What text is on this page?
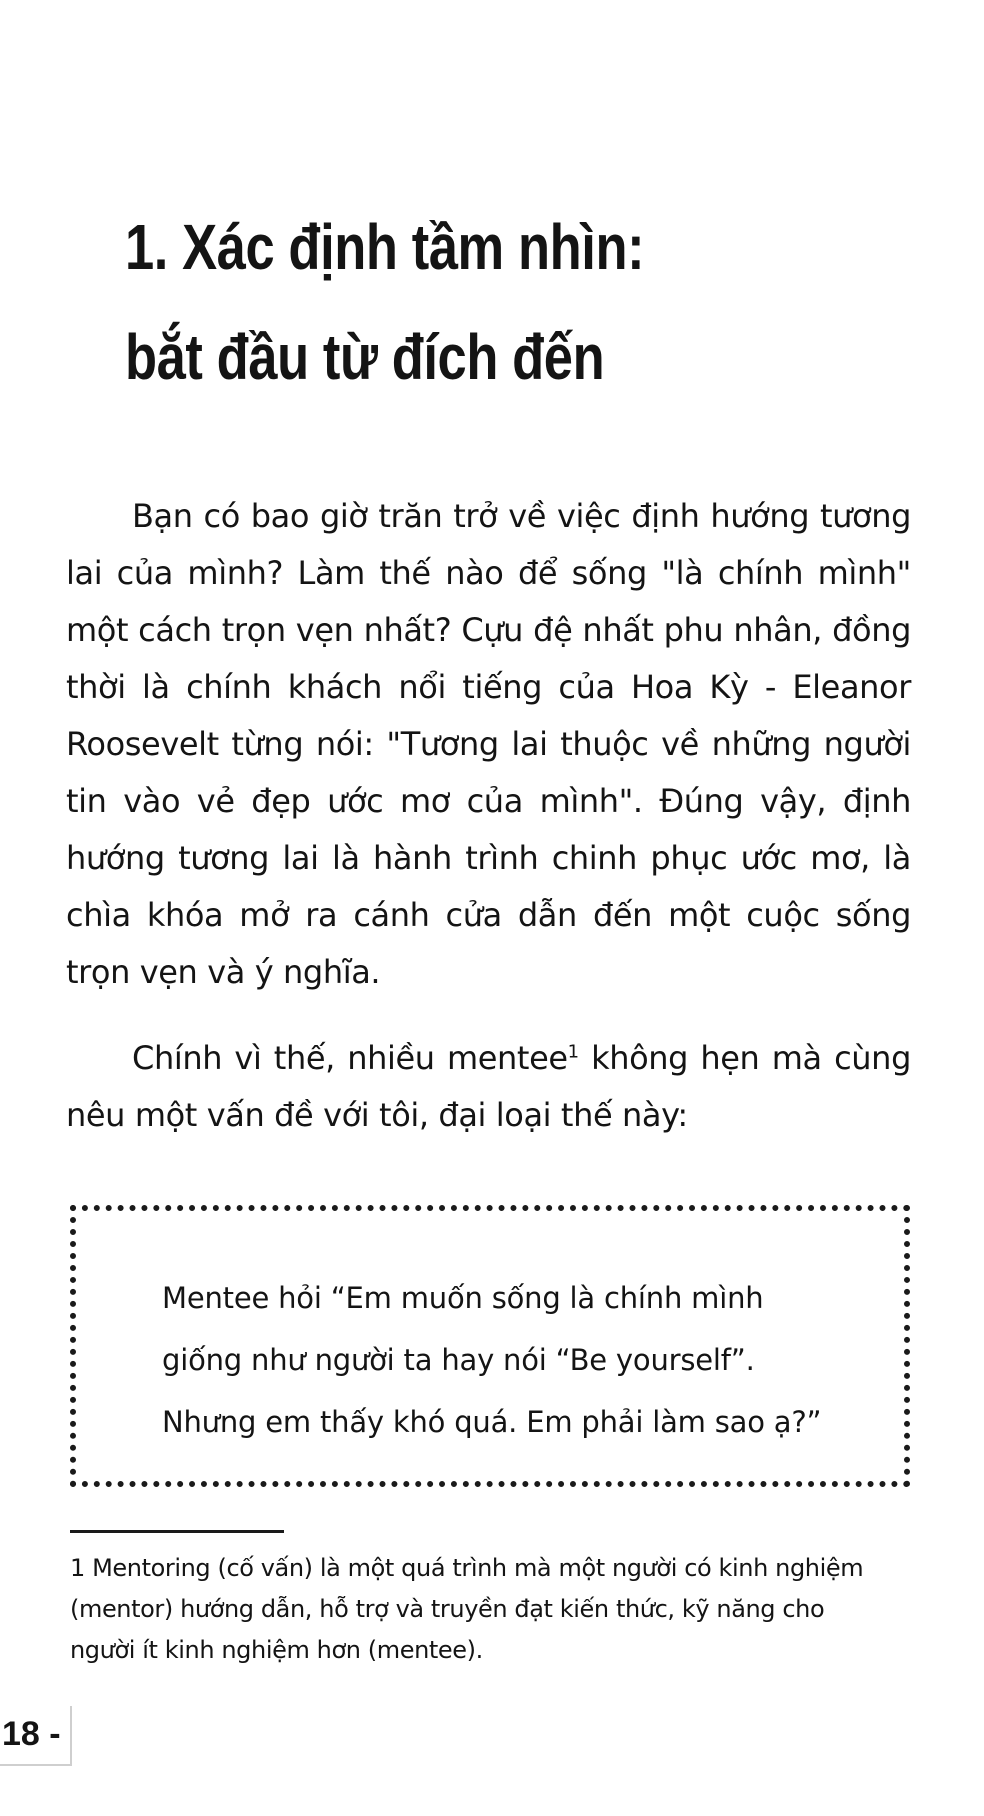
1. Xác định tầm nhìn:
bắt đầu từ đích đến

Bạn có bao giờ trăn trở về việc định hướng tương lai của mình? Làm thế nào để sống "là chính mình" một cách trọn vẹn nhất? Cựu đệ nhất phu nhân, đồng thời là chính khách nổi tiếng của Hoa Kỳ - Eleanor Roosevelt từng nói: "Tương lai thuộc về những người tin vào vẻ đẹp ước mơ của mình". Đúng vậy, định hướng tương lai là hành trình chinh phục ước mơ, là chìa khóa mở ra cánh cửa dẫn đến một cuộc sống trọn vẹn và ý nghĩa.

Chính vì thế, nhiều mentee$^1$ không hẹn mà cùng nêu một vấn đề với tôi, đại loại thế này:

Mentee hỏi “Em muốn sống là chính mình
giống như người ta hay nói “Be yourself”.
Nhưng em thấy khó quá. Em phải làm sao ạ?”

1 Mentoring (cố vấn) là một quá trình mà một người có kinh nghiệm
(mentor) hướng dẫn, hỗ trợ và truyền đạt kiến thức, kỹ năng cho
người ít kinh nghiệm hơn (mentee).

18 -
